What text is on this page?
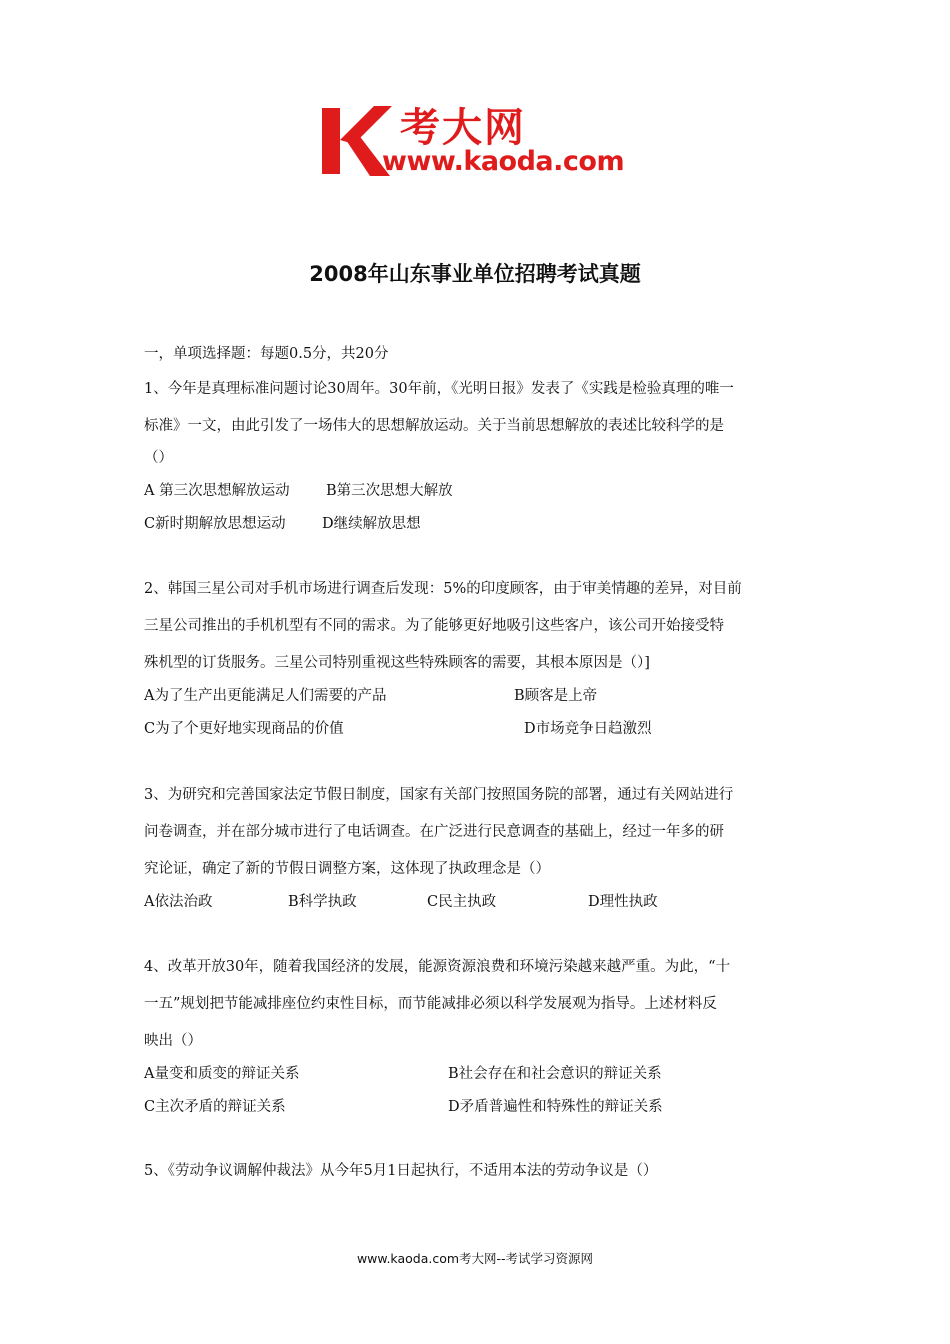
考大网
www.kaoda.com
2008年山东事业单位招聘考试真题
一，单项选择题：每题0.5分，共20分
1、今年是真理标准问题讨论30周年。30年前，《光明日报》发表了《实践是检验真理的唯一
标准》一文，由此引发了一场伟大的思想解放运动。关于当前思想解放的表述比较科学的是
（）
A 第三次思想解放运动	B第三次思想大解放
C新时期解放思想运动	D继续解放思想
2、韩国三星公司对手机市场进行调查后发现：5%的印度顾客，由于审美情趣的差异，对目前
三星公司推出的手机机型有不同的需求。为了能够更好地吸引这些客户，该公司开始接受特
殊机型的订货服务。三星公司特别重视这些特殊顾客的需要，其根本原因是（）]
A为了生产出更能满足人们需要的产品	B顾客是上帝
C为了个更好地实现商品的价值	D市场竞争日趋激烈
3、为研究和完善国家法定节假日制度，国家有关部门按照国务院的部署，通过有关网站进行
问卷调查，并在部分城市进行了电话调查。在广泛进行民意调查的基础上，经过一年多的研
究论证，确定了新的节假日调整方案，这体现了执政理念是（）
A依法治政	B科学执政	C民主执政	D理性执政
4、改革开放30年，随着我国经济的发展，能源资源浪费和环境污染越来越严重。为此，“十
一五”规划把节能减排座位约束性目标，而节能减排必须以科学发展观为指导。上述材料反
映出（）
A量变和质变的辩证关系	B社会存在和社会意识的辩证关系
C主次矛盾的辩证关系	D矛盾普遍性和特殊性的辩证关系
5、《劳动争议调解仲裁法》从今年5月1日起执行，不适用本法的劳动争议是（）
www.kaoda.com考大网--考试学习资源网
